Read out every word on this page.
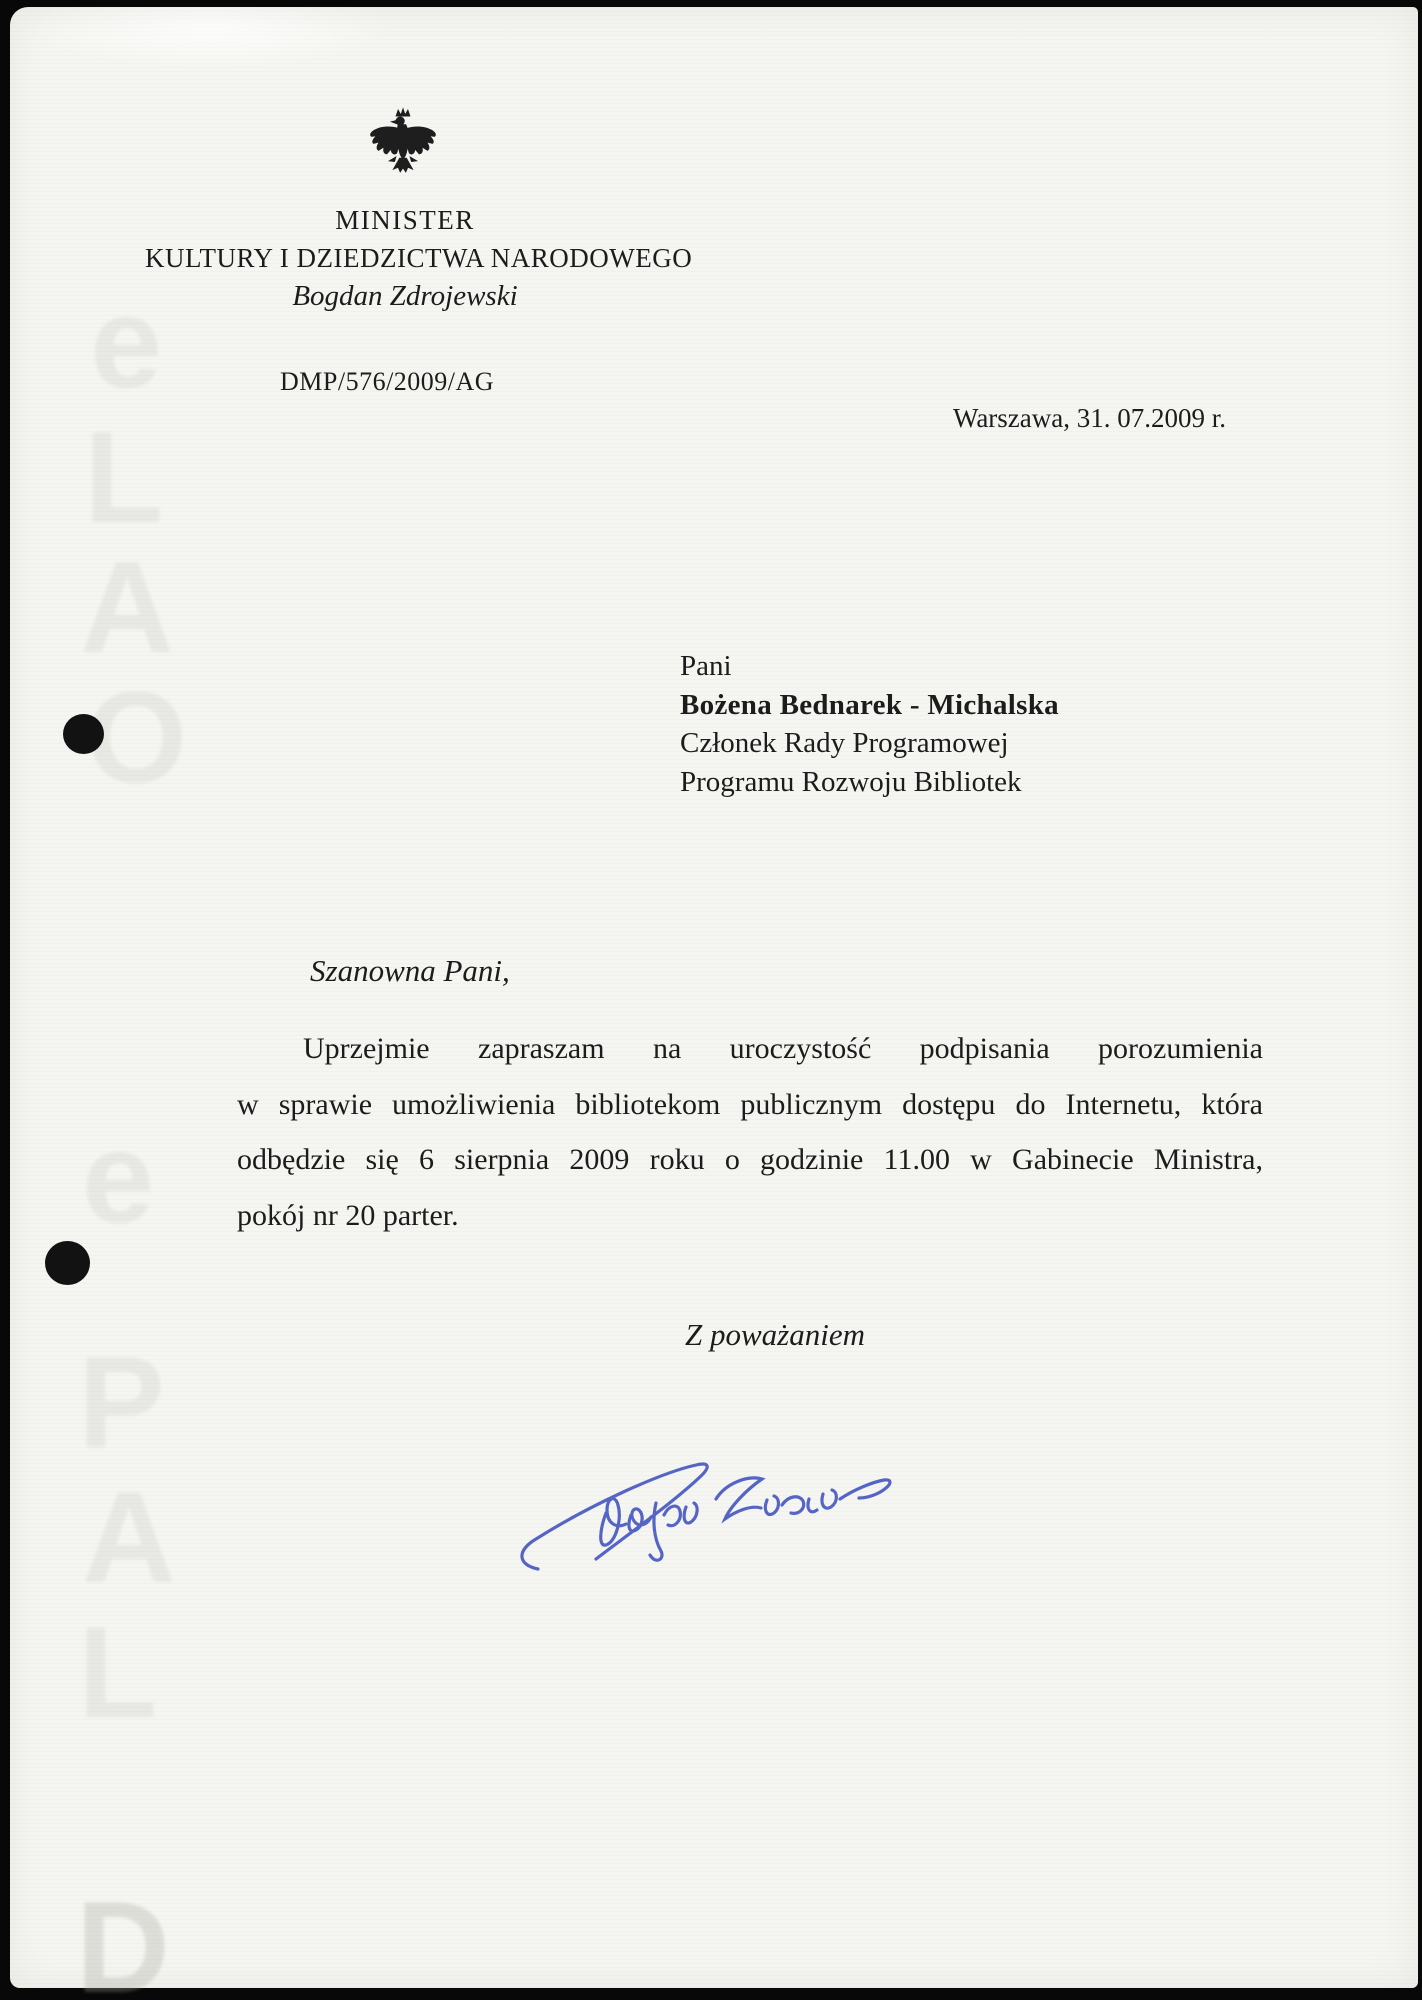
e
L
A
O
e
P
A
L
D
MINISTER
KULTURY I DZIEDZICTWA NARODOWEGO
Bogdan Zdrojewski
DMP/576/2009/AG
Warszawa, 31. 07.2009 r.
Pani
Bożena Bednarek - Michalska
Członek Rady Programowej
Programu Rozwoju Bibliotek
Szanowna Pani,
Uprzejmie zapraszam na uroczystość podpisania porozumienia
w sprawie umożliwienia bibliotekom publicznym dostępu do Internetu, która
odbędzie się 6 sierpnia 2009 roku o godzinie 11.00 w Gabinecie Ministra,
pokój nr 20 parter.
Z poważaniem
